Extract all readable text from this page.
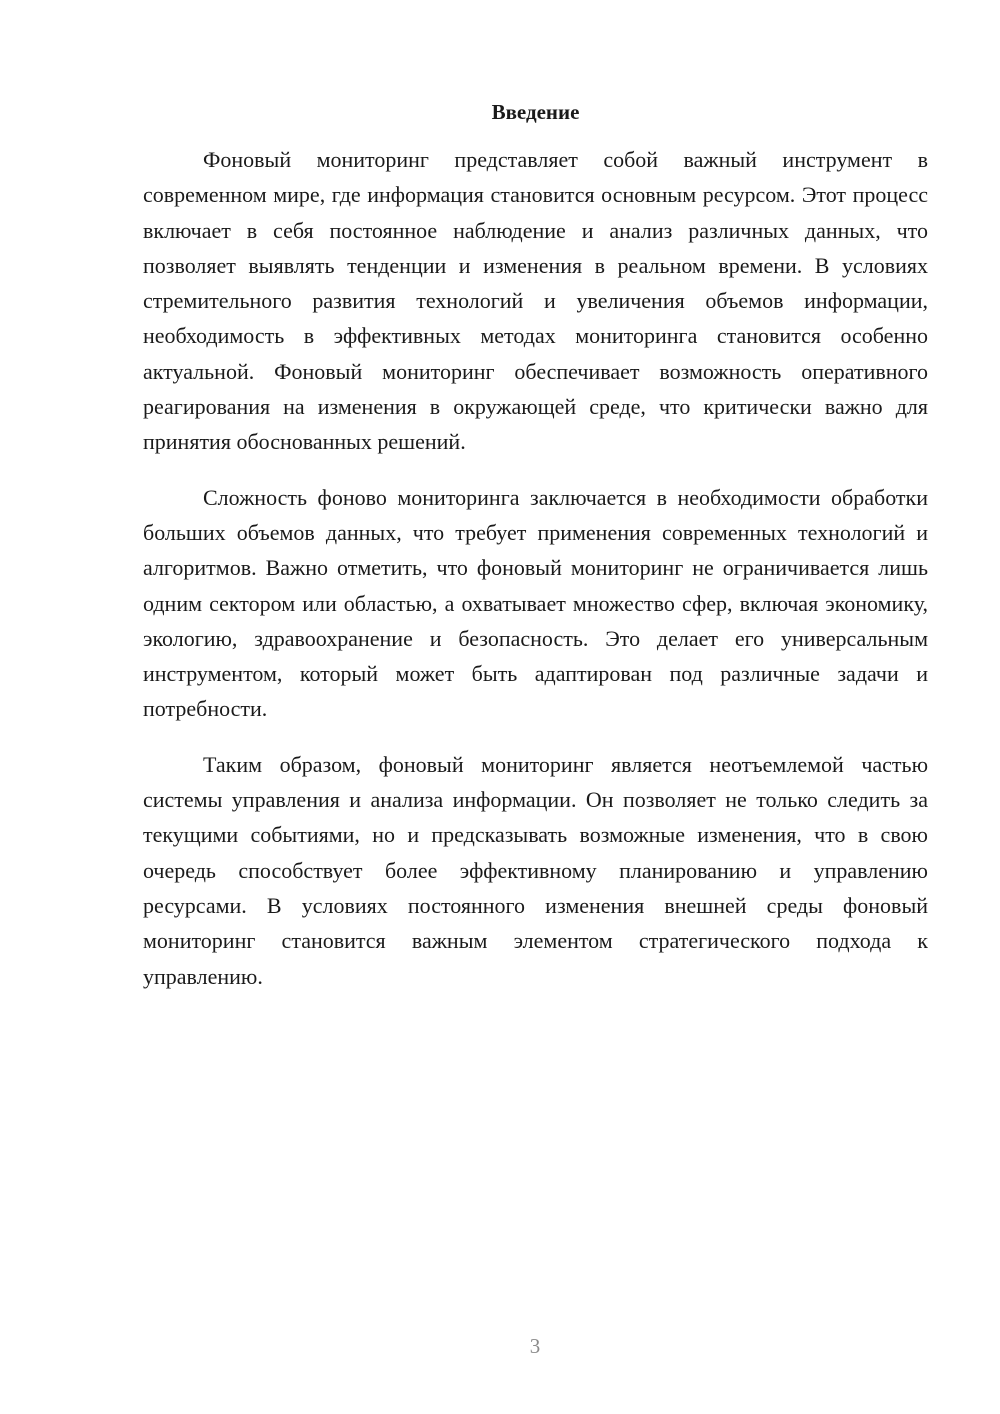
Введение

Фоновый мониторинг представляет собой важный инструмент в современном мире, где информация становится основным ресурсом. Этот процесс включает в себя постоянное наблюдение и анализ различных данных, что позволяет выявлять тенденции и изменения в реальном времени. В условиях стремительного развития технологий и увеличения объемов информации, необходимость в эффективных методах мониторинга становится особенно актуальной. Фоновый мониторинг обеспечивает возможность оперативного реагирования на изменения в окружающей среде, что критически важно для принятия обоснованных решений.

Сложность фоново мониторинга заключается в необходимости обработки больших объемов данных, что требует применения современных технологий и алгоритмов. Важно отметить, что фоновый мониторинг не ограничивается лишь одним сектором или областью, а охватывает множество сфер, включая экономику, экологию, здравоохранение и безопасность. Это делает его универсальным инструментом, который может быть адаптирован под различные задачи и потребности.

Таким образом, фоновый мониторинг является неотъемлемой частью системы управления и анализа информации. Он позволяет не только следить за текущими событиями, но и предсказывать возможные изменения, что в свою очередь способствует более эффективному планированию и управлению ресурсами. В условиях постоянного изменения внешней среды фоновый мониторинг становится важным элементом стратегического подхода к управлению.

3
